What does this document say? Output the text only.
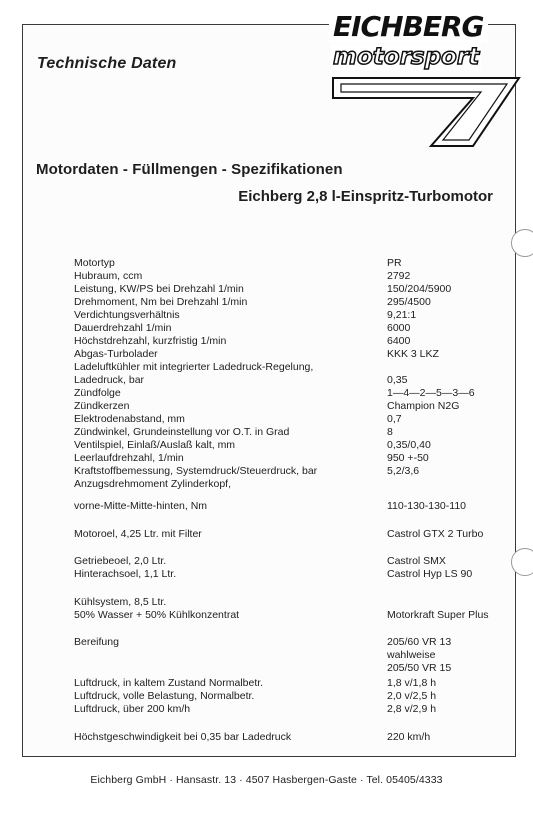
Technische Daten
EICHBERG
motorsport
Motordaten - Füllmengen - Spezifikationen
Eichberg 2,8 l-Einspritz-Turbomotor
Motortyp	PR
Hubraum, ccm	2792
Leistung, KW/PS bei Drehzahl 1/min	150/204/5900
Drehmoment, Nm bei Drehzahl 1/min	295/4500
Verdichtungsverhältnis	9,21:1
Dauerdrehzahl 1/min	6000
Höchstdrehzahl, kurzfristig 1/min	6400
Abgas-Turbolader	KKK 3 LKZ
Ladeluftkühler mit integrierter Ladedruck-Regelung,
Ladedruck, bar	0,35
Zündfolge	1—4—2—5—3—6
Zündkerzen	Champion N2G
Elektrodenabstand, mm	0,7
Zündwinkel, Grundeinstellung vor O.T. in Grad	8
Ventilspiel, Einlaß/Auslaß kalt, mm	0,35/0,40
Leerlaufdrehzahl, 1/min	950 +-50
Kraftstoffbemessung, Systemdruck/Steuerdruck, bar	5,2/3,6
Anzugsdrehmoment Zylinderkopf,
vorne-Mitte-Mitte-hinten, Nm	110-130-130-110
Motoroel, 4,25 Ltr. mit Filter	Castrol GTX 2 Turbo
Getriebeoel, 2,0 Ltr.	Castrol SMX
Hinterachsoel, 1,1 Ltr.	Castrol Hyp LS 90
Kühlsystem, 8,5 Ltr.
50% Wasser + 50% Kühlkonzentrat	Motorkraft Super Plus
Bereifung	205/60 VR 13
wahlweise
205/50 VR 15
Luftdruck, in kaltem Zustand Normalbetr.	1,8 v/1,8 h
Luftdruck, volle Belastung, Normalbetr.	2,0 v/2,5 h
Luftdruck, über 200 km/h	2,8 v/2,9 h
Höchstgeschwindigkeit bei 0,35 bar Ladedruck	220 km/h
Eichberg GmbH · Hansastr. 13 · 4507 Hasbergen-Gaste · Tel. 05405/4333
